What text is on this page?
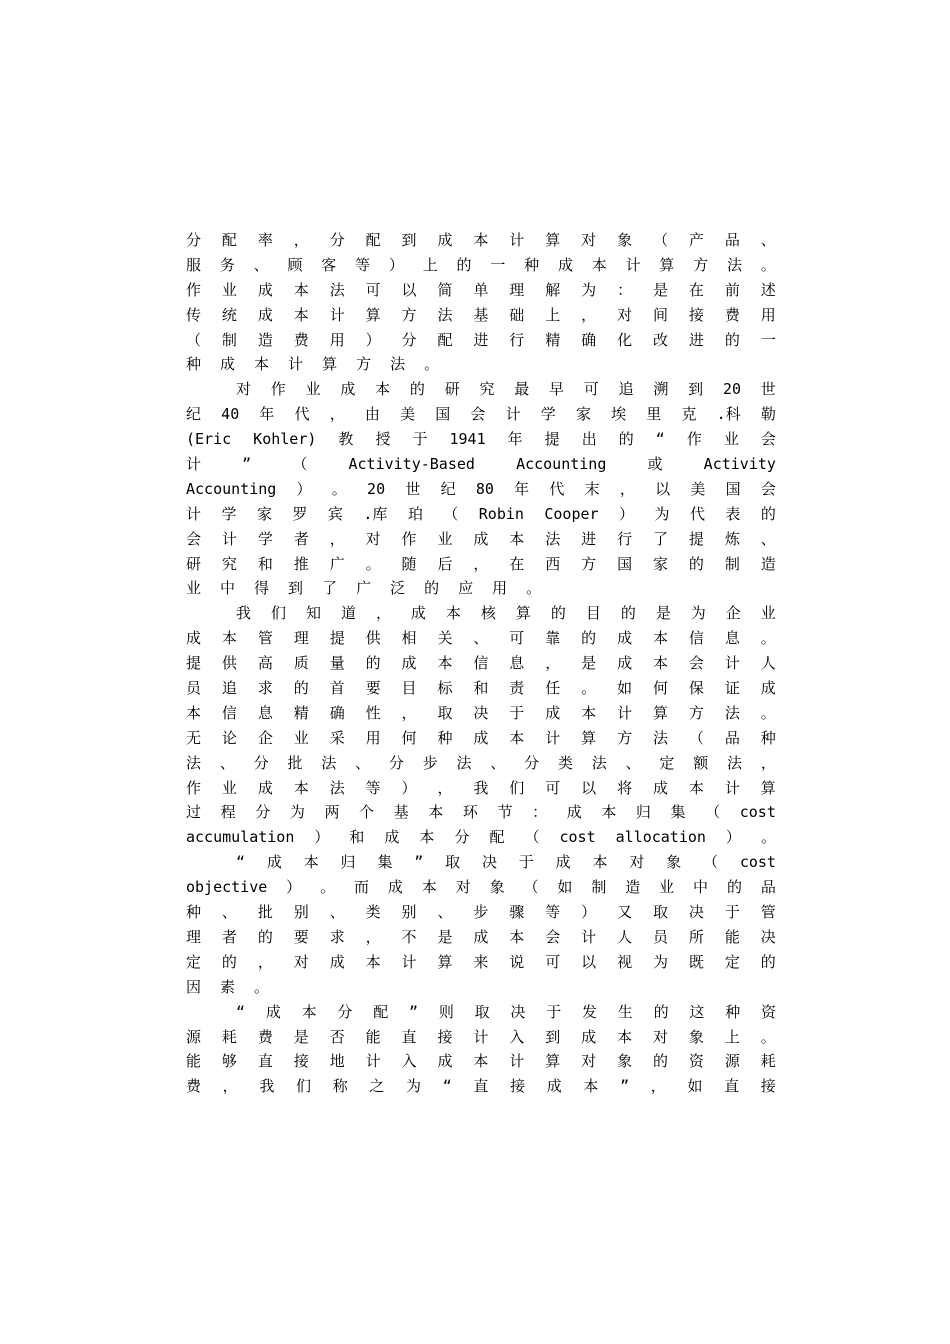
分 配 率 ， 分 配 到 成 本 计 算 对 象 （ 产 品 、
服 务 、 顾 客 等 ） 上 的 一 种 成 本 计 算 方 法 。
作 业 成 本 法 可 以 简 单 理 解 为 ： 是 在 前 述
传 统 成 本 计 算 方 法 基 础 上 ， 对 间 接 费 用
（ 制 造 费 用 ） 分 配 进 行 精 确 化 改 进 的 一
种 成 本 计 算 方 法 。
对 作 业 成 本 的 研 究 最 早 可 追 溯 到 20 世
纪 40 年 代 ， 由 美 国 会 计 学 家 埃 里 克 .科 勒
(Eric Kohler) 教 授 于 1941 年 提 出 的 “ 作 业 会
计	”	（	Activity-Based	Accounting	或	Activity
Accounting ） 。 20 世 纪 80 年 代 末 ， 以 美 国 会
计 学 家 罗 宾 .库 珀 （ Robin Cooper ） 为 代 表 的
会 计 学 者 ， 对 作 业 成 本 法 进 行 了 提 炼 、
研 究 和 推 广 。 随 后 ， 在 西 方 国 家 的 制 造
业 中 得 到 了 广 泛 的 应 用 。
我 们 知 道 ， 成 本 核 算 的 目 的 是 为 企 业
成 本 管 理 提 供 相 关 、 可 靠 的 成 本 信 息 。
提 供 高 质 量 的 成 本 信 息 ， 是 成 本 会 计 人
员 追 求 的 首 要 目 标 和 责 任 。 如 何 保 证 成
本 信 息 精 确 性 ， 取 决 于 成 本 计 算 方 法 。
无 论 企 业 采 用 何 种 成 本 计 算 方 法 （ 品 种
法 、 分 批 法 、 分 步 法 、 分 类 法 、 定 额 法 ，
作 业 成 本 法 等 ） ， 我 们 可 以 将 成 本 计 算
过 程 分 为 两 个 基 本 环 节 ： 成 本 归 集 （ cost
accumulation ） 和 成 本 分 配 （ cost allocation ） 。
“ 成 本 归 集 ” 取 决 于 成 本 对 象 （ cost
objective ） 。 而 成 本 对 象 （ 如 制 造 业 中 的 品
种 、 批 别 、 类 别 、 步 骤 等 ） 又 取 决 于 管
理 者 的 要 求 ， 不 是 成 本 会 计 人 员 所 能 决
定 的 ， 对 成 本 计 算 来 说 可 以 视 为 既 定 的
因 素 。
“ 成 本 分 配 ” 则 取 决 于 发 生 的 这 种 资
源 耗 费 是 否 能 直 接 计 入 到 成 本 对 象 上 。
能 够 直 接 地 计 入 成 本 计 算 对 象 的 资 源 耗
费 ， 我 们 称 之 为 “ 直 接 成 本 ” ， 如 直 接
